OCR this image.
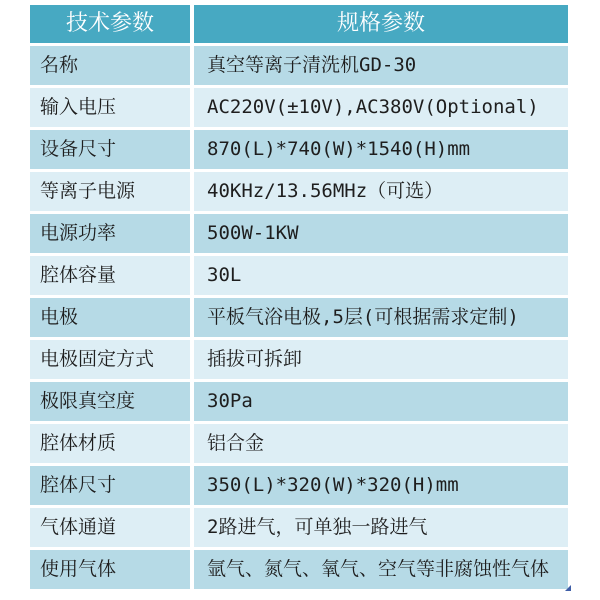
技术参数	规格参数
名称	真空等离子清洗机GD-30
输入电压	AC220V(±10V),AC380V(Optional)
设备尺寸	870(L)*740(W)*1540(H)mm
等离子电源	40KHz/13.56MHz（可选）
电源功率	500W-1KW
腔体容量	30L
电极	平板气浴电极,5层(可根据需求定制)
电极固定方式	插拔可拆卸
极限真空度	30Pa
腔体材质	铝合金
腔体尺寸	350(L)*320(W)*320(H)mm
气体通道	2路进气，可单独一路进气
使用气体	氩气、氮气、氧气、空气等非腐蚀性气体
